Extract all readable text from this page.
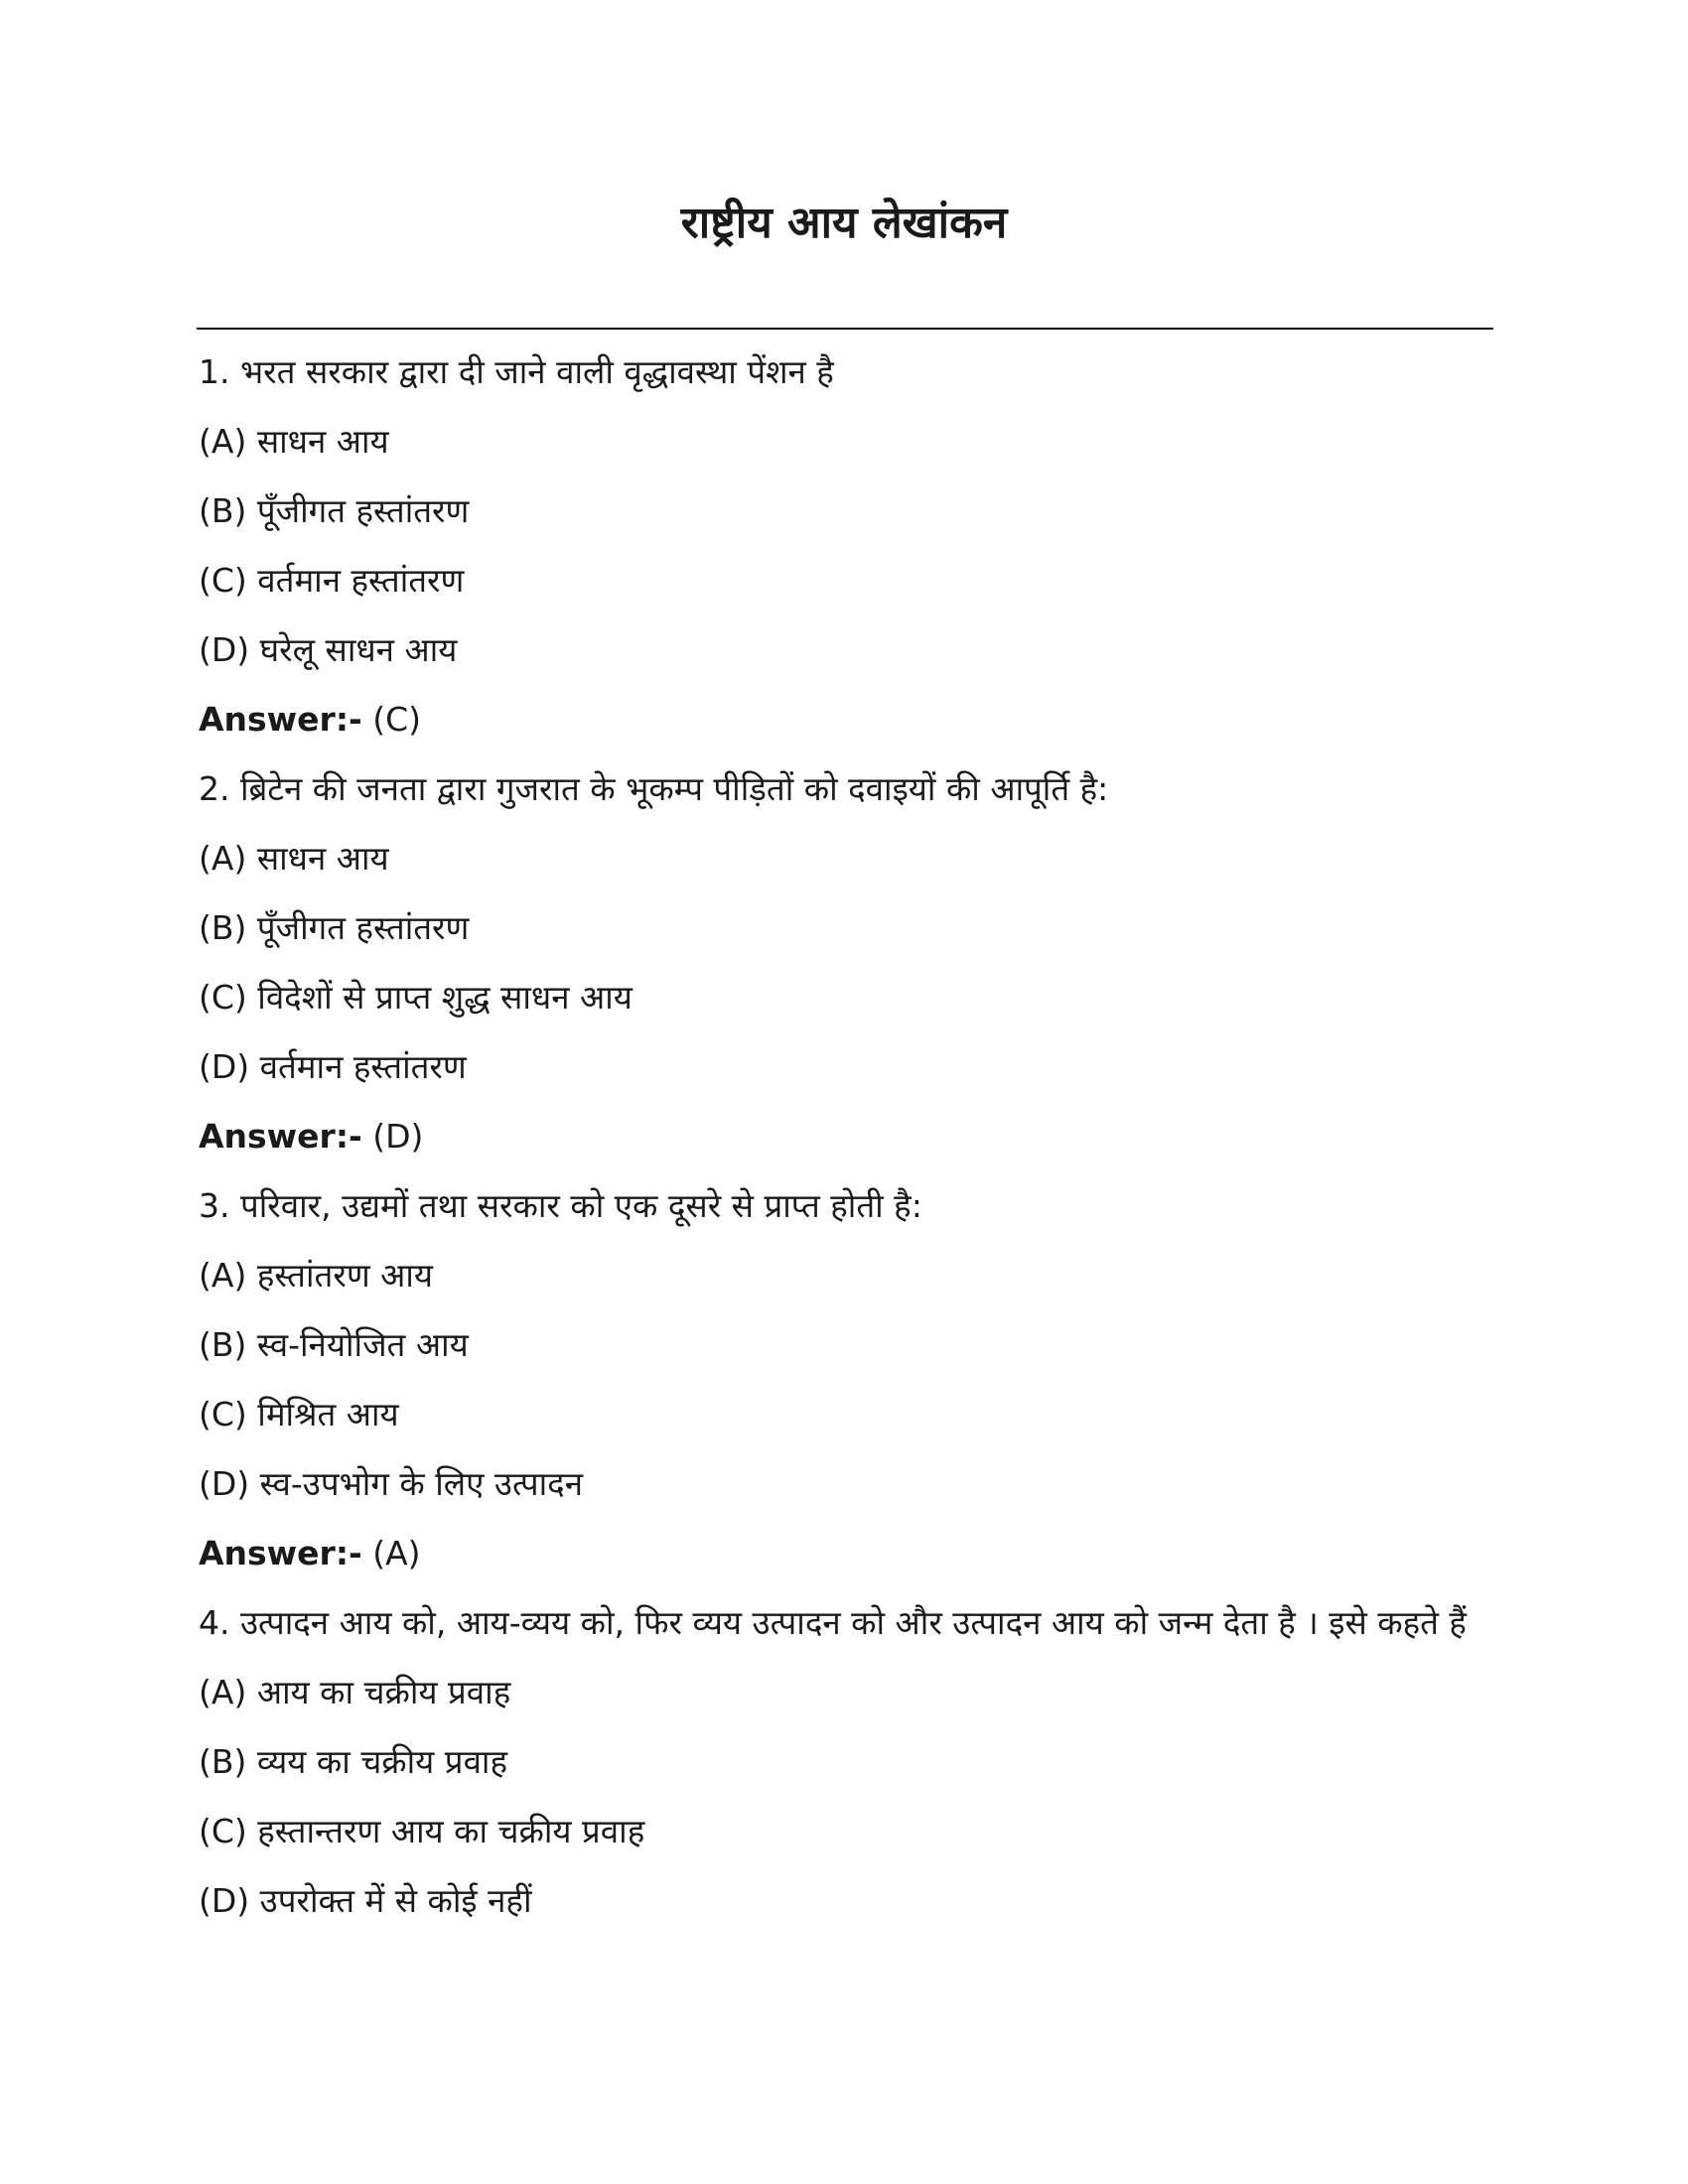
राष्ट्रीय आय लेखांकन

1. भरत सरकार द्वारा दी जाने वाली वृद्धावस्था पेंशन है

(A) साधन आय

(B) पूँजीगत हस्तांतरण

(C) वर्तमान हस्तांतरण

(D) घरेलू साधन आय

Answer:- (C)

2. ब्रिटेन की जनता द्वारा गुजरात के भूकम्प पीड़ितों को दवाइयों की आपूर्ति है:

(A) साधन आय

(B) पूँजीगत हस्तांतरण

(C) विदेशों से प्राप्त शुद्ध साधन आय

(D) वर्तमान हस्तांतरण

Answer:- (D)

3. परिवार, उद्यमों तथा सरकार को एक दूसरे से प्राप्त होती है:

(A) हस्तांतरण आय

(B) स्व-नियोजित आय

(C) मिश्रित आय

(D) स्व-उपभोग के लिए उत्पादन

Answer:- (A)

4. उत्पादन आय को, आय-व्यय को, फिर व्यय उत्पादन को और उत्पादन आय को जन्म देता है । इसे कहते हैं

(A) आय का चक्रीय प्रवाह

(B) व्यय का चक्रीय प्रवाह

(C) हस्तान्तरण आय का चक्रीय प्रवाह

(D) उपरोक्त में से कोई नहीं
